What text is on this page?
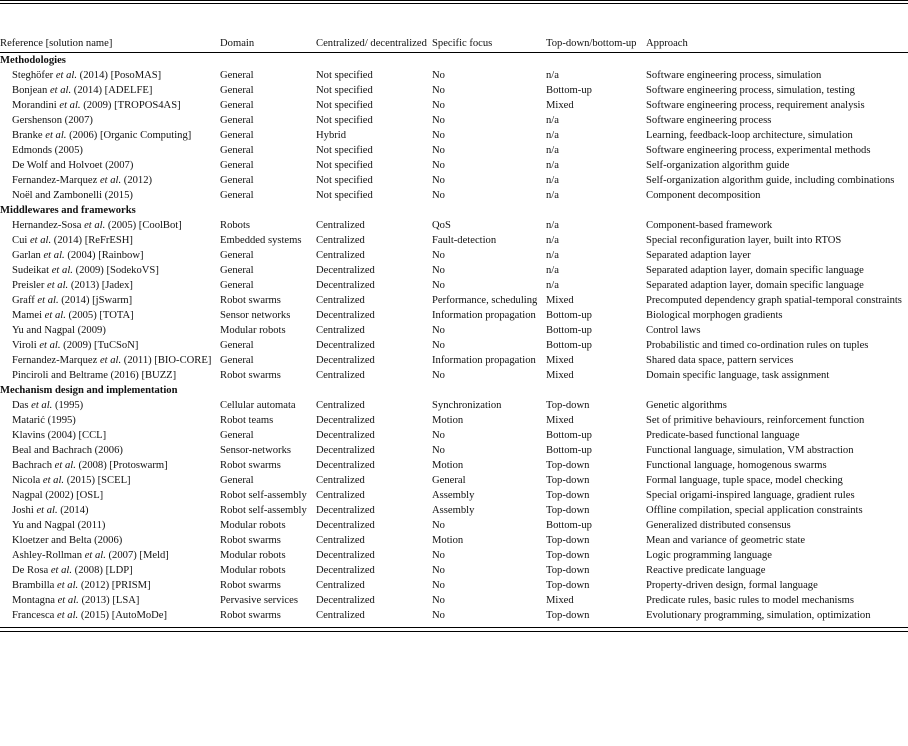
Reference [solution name]	Domain	Centralized/ decentralized	Specific focus	Top-down/bottom-up	Approach
Methodologies					
Steghöfer et al. (2014) [PosoMAS]	General	Not specified	No	n/a	Software engineering process, simulation
Bonjean et al. (2014) [ADELFE]	General	Not specified	No	Bottom-up	Software engineering process, simulation, testing
Morandini et al. (2009) [TROPOS4AS]	General	Not specified	No	Mixed	Software engineering process, requirement analysis
Gershenson (2007)	General	Not specified	No	n/a	Software engineering process
Branke et al. (2006) [Organic Computing]	General	Hybrid	No	n/a	Learning, feedback-loop architecture, simulation
Edmonds (2005)	General	Not specified	No	n/a	Software engineering process, experimental methods
De Wolf and Holvoet (2007)	General	Not specified	No	n/a	Self-organization algorithm guide
Fernandez-Marquez et al. (2012)	General	Not specified	No	n/a	Self-organization algorithm guide, including combinations
Noël and Zambonelli (2015)	General	Not specified	No	n/a	Component decomposition
Middlewares and frameworks					
Hernandez-Sosa et al. (2005) [CoolBot]	Robots	Centralized	QoS	n/a	Component-based framework
Cui et al. (2014) [ReFrESH]	Embedded systems	Centralized	Fault-detection	n/a	Special reconfiguration layer, built into RTOS
Garlan et al. (2004) [Rainbow]	General	Centralized	No	n/a	Separated adaption layer
Sudeikat et al. (2009) [SodekoVS]	General	Decentralized	No	n/a	Separated adaption layer, domain specific language
Preisler et al. (2013) [Jadex]	General	Decentralized	No	n/a	Separated adaption layer, domain specific language
Graff et al. (2014) [jSwarm]	Robot swarms	Centralized	Performance, scheduling	Mixed	Precomputed dependency graph spatial-temporal constraints
Mamei et al. (2005) [TOTA]	Sensor networks	Decentralized	Information propagation	Bottom-up	Biological morphogen gradients
Yu and Nagpal (2009)	Modular robots	Centralized	No	Bottom-up	Control laws
Viroli et al. (2009) [TuCSoN]	General	Decentralized	No	Bottom-up	Probabilistic and timed co-ordination rules on tuples
Fernandez-Marquez et al. (2011) [BIO-CORE]	General	Decentralized	Information propagation	Mixed	Shared data space, pattern services
Pinciroli and Beltrame (2016) [BUZZ]	Robot swarms	Centralized	No	Mixed	Domain specific language, task assignment
Mechanism design and implementation					
Das et al. (1995)	Cellular automata	Centralized	Synchronization	Top-down	Genetic algorithms
Matarić (1995)	Robot teams	Decentralized	Motion	Mixed	Set of primitive behaviours, reinforcement function
Klavins (2004) [CCL]	General	Decentralized	No	Bottom-up	Predicate-based functional language
Beal and Bachrach (2006)	Sensor-networks	Decentralized	No	Bottom-up	Functional language, simulation, VM abstraction
Bachrach et al. (2008) [Protoswarm]	Robot swarms	Decentralized	Motion	Top-down	Functional language, homogenous swarms
Nicola et al. (2015) [SCEL]	General	Centralized	General	Top-down	Formal language, tuple space, model checking
Nagpal (2002) [OSL]	Robot self-assembly	Centralized	Assembly	Top-down	Special origami-inspired language, gradient rules
Joshi et al. (2014)	Robot self-assembly	Decentralized	Assembly	Top-down	Offline compilation, special application constraints
Yu and Nagpal (2011)	Modular robots	Decentralized	No	Bottom-up	Generalized distributed consensus
Kloetzer and Belta (2006)	Robot swarms	Centralized	Motion	Top-down	Mean and variance of geometric state
Ashley-Rollman et al. (2007) [Meld]	Modular robots	Decentralized	No	Top-down	Logic programming language
De Rosa et al. (2008) [LDP]	Modular robots	Decentralized	No	Top-down	Reactive predicate language
Brambilla et al. (2012) [PRISM]	Robot swarms	Centralized	No	Top-down	Property-driven design, formal language
Montagna et al. (2013) [LSA]	Pervasive services	Decentralized	No	Mixed	Predicate rules, basic rules to model mechanisms
Francesca et al. (2015) [AutoMoDe]	Robot swarms	Centralized	No	Top-down	Evolutionary programming, simulation, optimization
